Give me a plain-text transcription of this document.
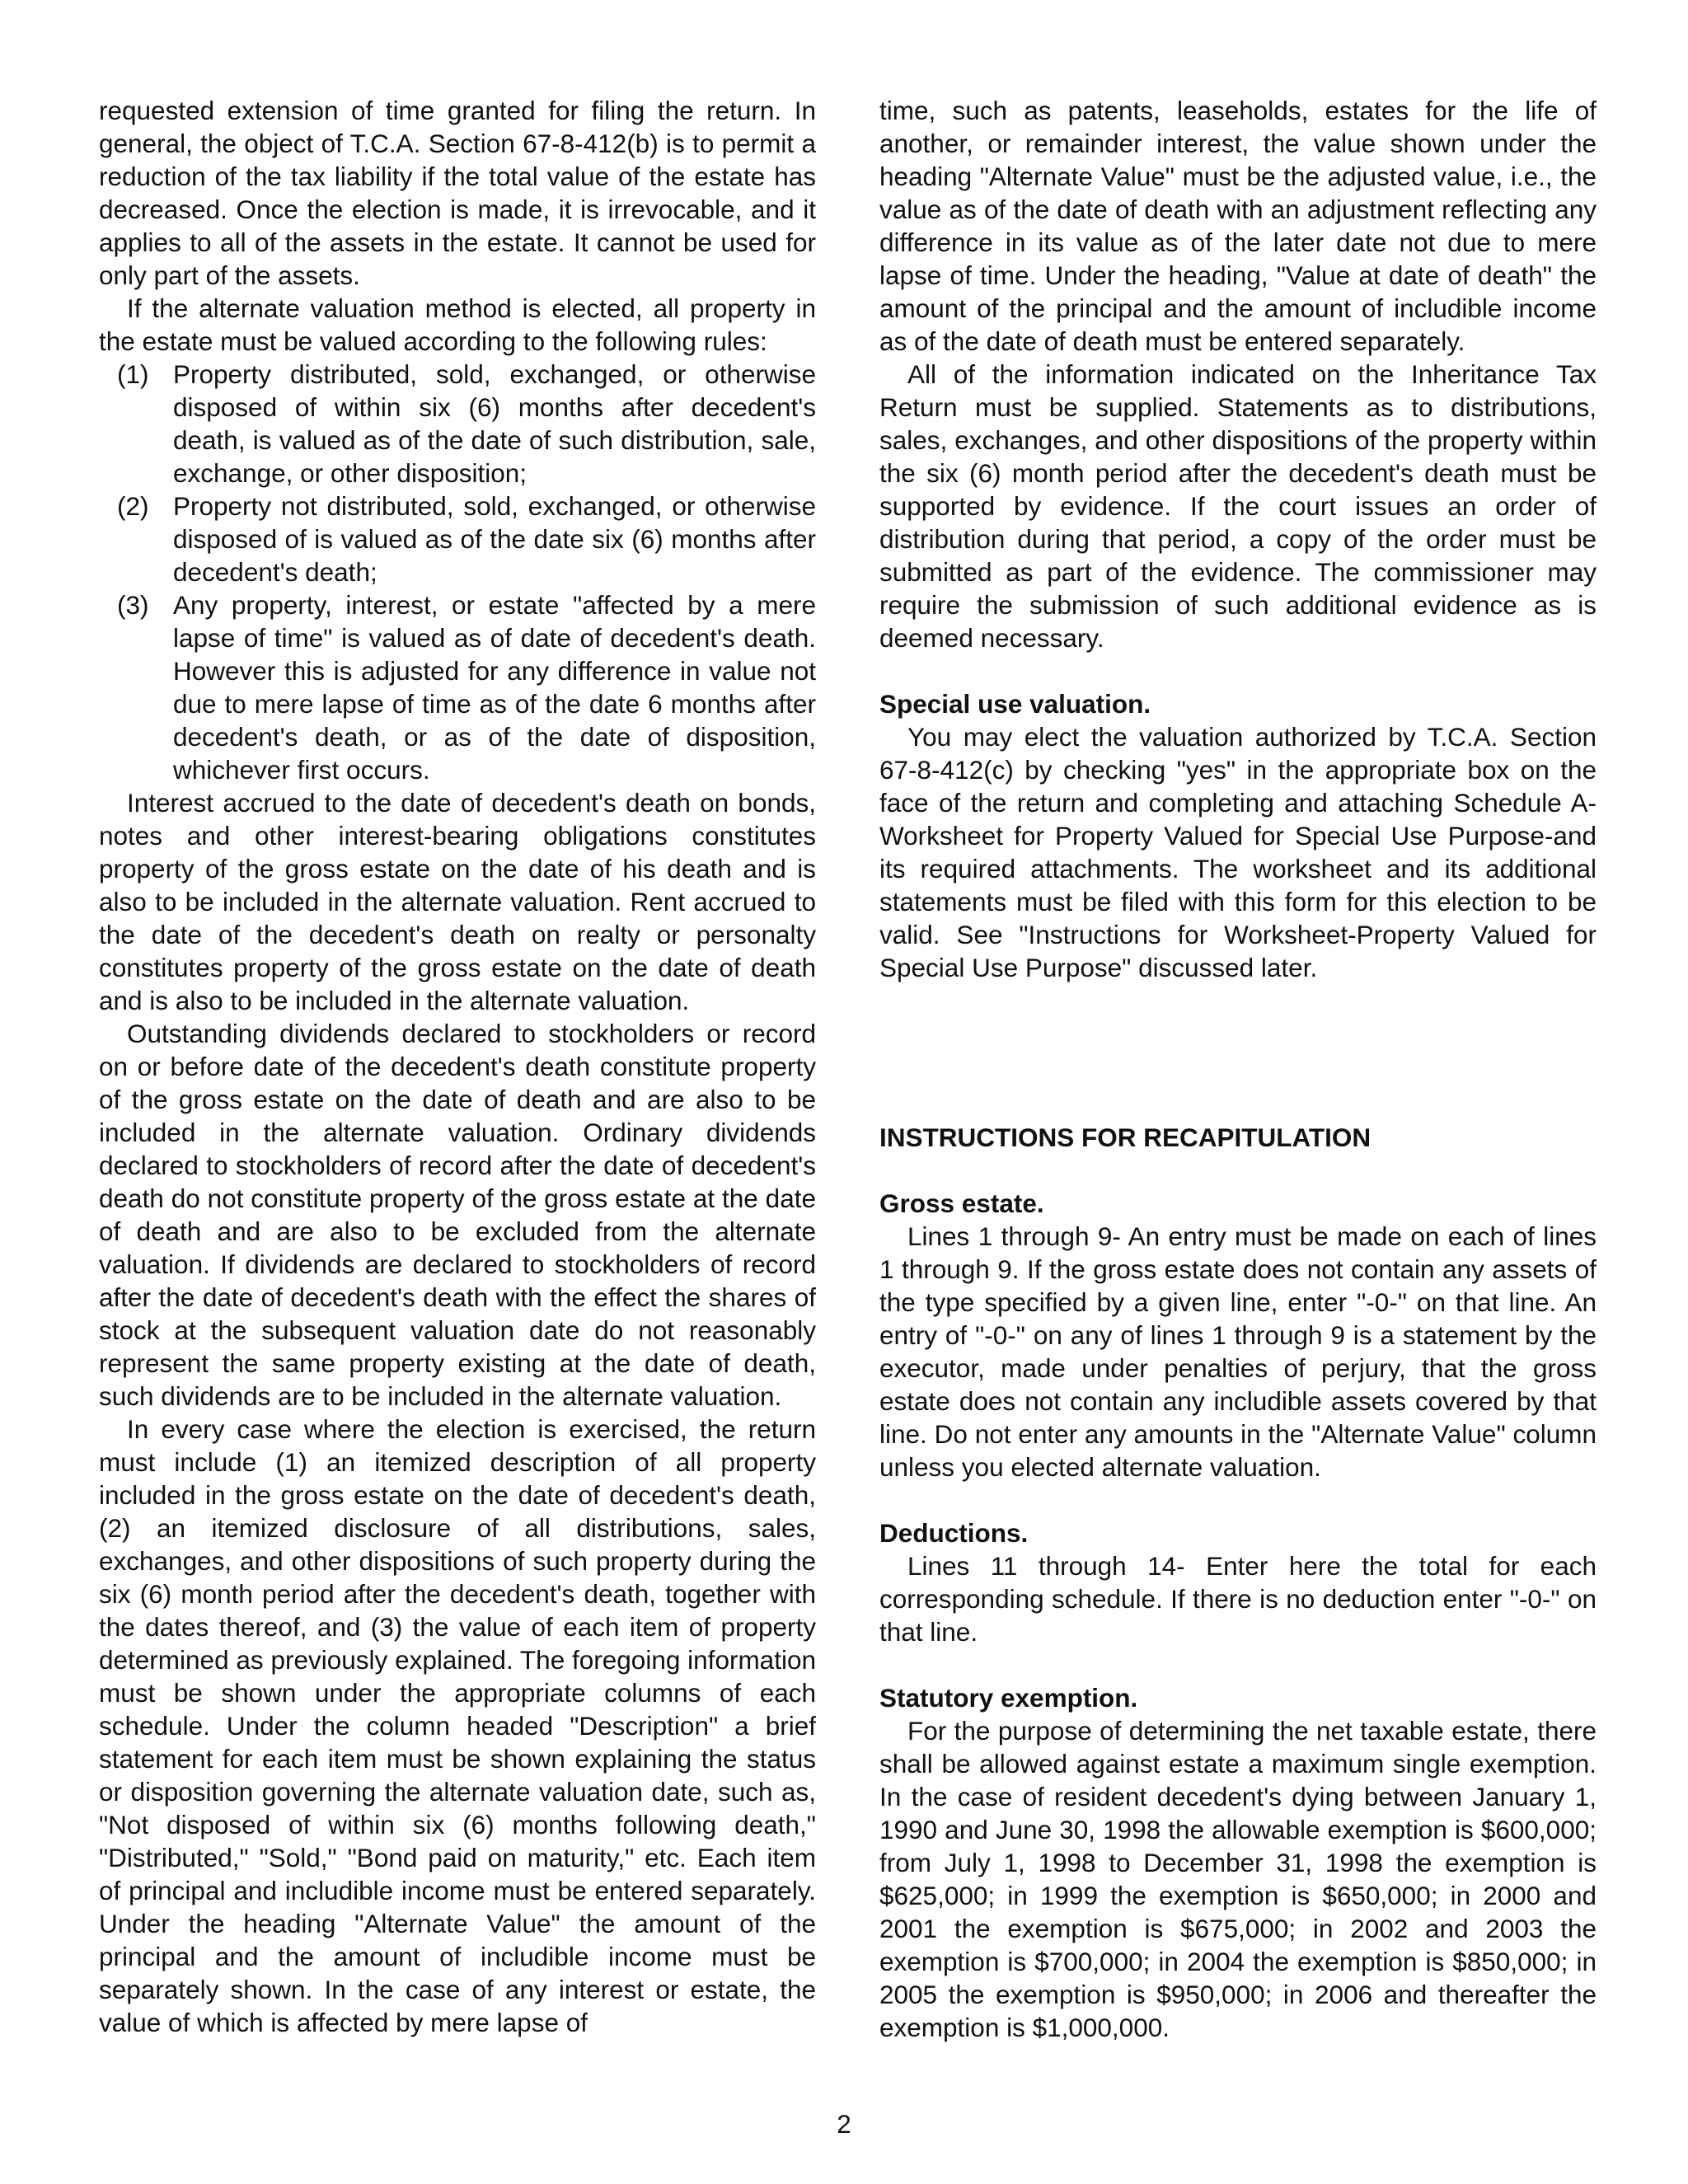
requested extension of time granted for filing the return. In general, the object of T.C.A. Section 67-8-412(b) is to permit a reduction of the tax liability if the total value of the estate has decreased. Once the election is made, it is irrevocable, and it applies to all of the assets in the estate. It cannot be used for only part of the assets.

If the alternate valuation method is elected, all property in the estate must be valued according to the following rules:

(1) Property distributed, sold, exchanged, or otherwise disposed of within six (6) months after decedent's death, is valued as of the date of such distribution, sale, exchange, or other disposition;
(2) Property not distributed, sold, exchanged, or otherwise disposed of is valued as of the date six (6) months after decedent's death;
(3) Any property, interest, or estate "affected by a mere lapse of time" is valued as of date of decedent's death. However this is adjusted for any difference in value not due to mere lapse of time as of the date 6 months after decedent's death, or as of the date of disposition, whichever first occurs.

Interest accrued to the date of decedent's death on bonds, notes and other interest-bearing obligations constitutes property of the gross estate on the date of his death and is also to be included in the alternate valuation. Rent accrued to the date of the decedent's death on realty or personalty constitutes property of the gross estate on the date of death and is also to be included in the alternate valuation.

Outstanding dividends declared to stockholders or record on or before date of the decedent's death constitute property of the gross estate on the date of death and are also to be included in the alternate valuation. Ordinary dividends declared to stockholders of record after the date of decedent's death do not constitute property of the gross estate at the date of death and are also to be excluded from the alternate valuation. If dividends are declared to stockholders of record after the date of decedent's death with the effect the shares of stock at the subsequent valuation date do not reasonably represent the same property existing at the date of death, such dividends are to be included in the alternate valuation.

In every case where the election is exercised, the return must include (1) an itemized description of all property included in the gross estate on the date of decedent's death, (2) an itemized disclosure of all distributions, sales, exchanges, and other dispositions of such property during the six (6) month period after the decedent's death, together with the dates thereof, and (3) the value of each item of property determined as previously explained. The foregoing information must be shown under the appropriate columns of each schedule. Under the column headed "Description" a brief statement for each item must be shown explaining the status or disposition governing the alternate valuation date, such as, "Not disposed of within six (6) months following death," "Distributed," "Sold," "Bond paid on maturity," etc. Each item of principal and includible income must be entered separately. Under the heading "Alternate Value" the amount of the principal and the amount of includible income must be separately shown. In the case of any interest or estate, the value of which is affected by mere lapse of

time, such as patents, leaseholds, estates for the life of another, or remainder interest, the value shown under the heading "Alternate Value" must be the adjusted value, i.e., the value as of the date of death with an adjustment reflecting any difference in its value as of the later date not due to mere lapse of time. Under the heading, "Value at date of death" the amount of the principal and the amount of includible income as of the date of death must be entered separately.

All of the information indicated on the Inheritance Tax Return must be supplied. Statements as to distributions, sales, exchanges, and other dispositions of the property within the six (6) month period after the decedent's death must be supported by evidence. If the court issues an order of distribution during that period, a copy of the order must be submitted as part of the evidence. The commissioner may require the submission of such additional evidence as is deemed necessary.

Special use valuation.

You may elect the valuation authorized by T.C.A. Section 67-8-412(c) by checking "yes" in the appropriate box on the face of the return and completing and attaching Schedule A-Worksheet for Property Valued for Special Use Purpose-and its required attachments. The worksheet and its additional statements must be filed with this form for this election to be valid. See "Instructions for Worksheet-Property Valued for Special Use Purpose" discussed later.

INSTRUCTIONS FOR RECAPITULATION

Gross estate.

Lines 1 through 9- An entry must be made on each of lines 1 through 9. If the gross estate does not contain any assets of the type specified by a given line, enter "-0-" on that line. An entry of "-0-" on any of lines 1 through 9 is a statement by the executor, made under penalties of perjury, that the gross estate does not contain any includible assets covered by that line. Do not enter any amounts in the "Alternate Value" column unless you elected alternate valuation.

Deductions.

Lines 11 through 14- Enter here the total for each corresponding schedule. If there is no deduction enter "-0-" on that line.

Statutory exemption.

For the purpose of determining the net taxable estate, there shall be allowed against estate a maximum single exemption. In the case of resident decedent's dying between January 1, 1990 and June 30, 1998 the allowable exemption is $600,000; from July 1, 1998 to December 31, 1998 the exemption is $625,000; in 1999 the exemption is $650,000; in 2000 and 2001 the exemption is $675,000; in 2002 and 2003 the exemption is $700,000; in 2004 the exemption is $850,000; in 2005 the exemption is $950,000; in 2006 and thereafter the exemption is $1,000,000.

2
